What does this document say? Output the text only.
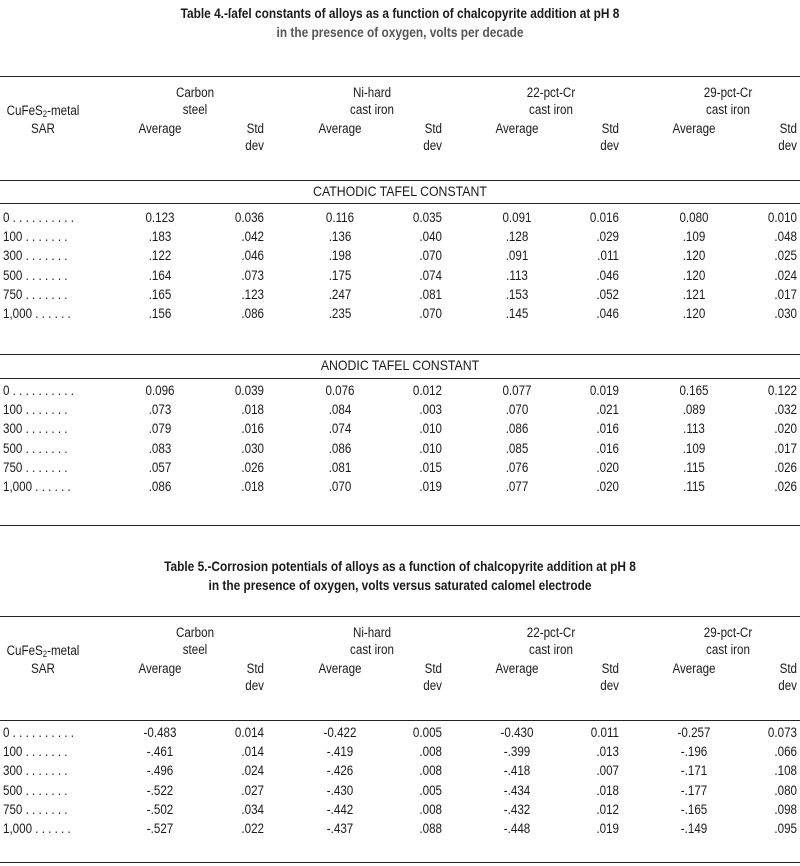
Table 4.-ſafel constants of alloys as a function of chalcopyrite addition at pH 8
in the presence of oxygen, volts per decade
CuFeS$_2$-metal
SAR
Carbon
steel
Average	Std
dev
Ni-hard
cast iron
Average	Std
dev
22-pct-Cr
cast iron
Average	Std
dev
29-pct-Cr
cast iron
Average	Std
dev
CATHODIC TAFEL CONSTANT
0 . . . . . . . . . .	0.123	0.036	0.116	0.035	0.091	0.016	0.080	0.010
100 . . . . . . .	.183	.042	.136	.040	.128	.029	.109	.048
300 . . . . . . .	.122	.046	.198	.070	.091	.011	.120	.025
500 . . . . . . .	.164	.073	.175	.074	.113	.046	.120	.024
750 . . . . . . .	.165	.123	.247	.081	.153	.052	.121	.017
1,000 . . . . . .	.156	.086	.235	.070	.145	.046	.120	.030
ANODIC TAFEL CONSTANT
0 . . . . . . . . . .	0.096	0.039	0.076	0.012	0.077	0.019	0.165	0.122
100 . . . . . . .	.073	.018	.084	.003	.070	.021	.089	.032
300 . . . . . . .	.079	.016	.074	.010	.086	.016	.113	.020
500 . . . . . . .	.083	.030	.086	.010	.085	.016	.109	.017
750 . . . . . . .	.057	.026	.081	.015	.076	.020	.115	.026
1,000 . . . . . .	.086	.018	.070	.019	.077	.020	.115	.026
Table 5.-Corrosion potentials of alloys as a function of chalcopyrite addition at pH 8
in the presence of oxygen, volts versus saturated calomel electrode
CuFeS$_2$-metal
SAR
Carbon
steel
Average	Std
dev
Ni-hard
cast iron
Average	Std
dev
22-pct-Cr
cast iron
Average	Std
dev
29-pct-Cr
cast iron
Average	Std
dev
0 . . . . . . . . . .	-0.483	0.014	-0.422	0.005	-0.430	0.011	-0.257	0.073
100 . . . . . . .	-.461	.014	-.419	.008	-.399	.013	-.196	.066
300 . . . . . . .	-.496	.024	-.426	.008	-.418	.007	-.171	.108
500 . . . . . . .	-.522	.027	-.430	.005	-.434	.018	-.177	.080
750 . . . . . . .	-.502	.034	-.442	.008	-.432	.012	-.165	.098
1,000 . . . . . .	-.527	.022	-.437	.088	-.448	.019	-.149	.095
